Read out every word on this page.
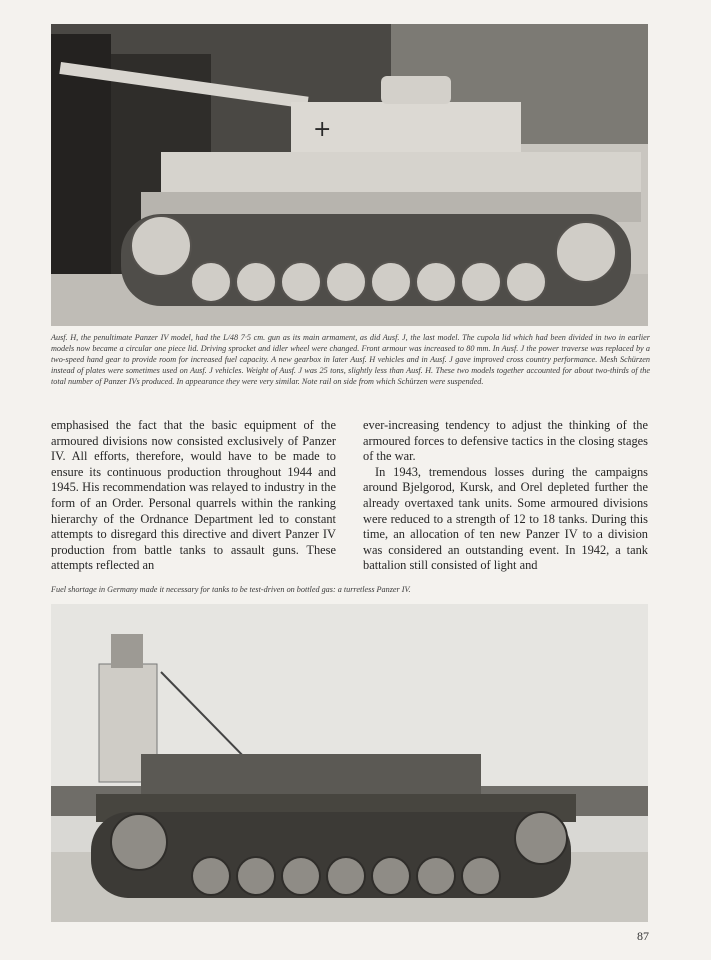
+

Ausf. H, the penultimate Panzer IV model, had the L/48 7·5 cm. gun as its main armament, as did Ausf. J, the last model. The cupola lid which had been divided in two in earlier models now became a circular one piece lid. Driving sprocket and idler wheel were changed. Front armour was increased to 80 mm. In Ausf. J the power traverse was replaced by a two-speed hand gear to provide room for increased fuel capacity. A new gearbox in later Ausf. H vehicles and in Ausf. J gave improved cross country performance. Mesh Schürzen instead of plates were sometimes used on Ausf. J vehicles. Weight of Ausf. J was 25 tons, slightly less than Ausf. H. These two models together accounted for about two-thirds of the total number of Panzer IVs produced. In appearance they were very similar. Note rail on side from which Schürzen were suspended.

emphasised the fact that the basic equipment of the armoured divisions now consisted exclusively of Panzer IV. All efforts, therefore, would have to be made to ensure its continuous production throughout 1944 and 1945. His recommendation was relayed to industry in the form of an Order. Personal quarrels within the ranking hierarchy of the Ordnance Department led to constant attempts to disregard this directive and divert Panzer IV production from battle tanks to assault guns. These attempts reflected an

ever-increasing tendency to adjust the thinking of the armoured forces to defensive tactics in the closing stages of the war.

In 1943, tremendous losses during the campaigns around Bjelgorod, Kursk, and Orel depleted further the already overtaxed tank units. Some armoured divisions were reduced to a strength of 12 to 18 tanks. During this time, an allocation of ten new Panzer IV to a division was considered an outstanding event. In 1942, a tank battalion still consisted of light and

Fuel shortage in Germany made it necessary for tanks to be test-driven on bottled gas: a turretless Panzer IV.

87
